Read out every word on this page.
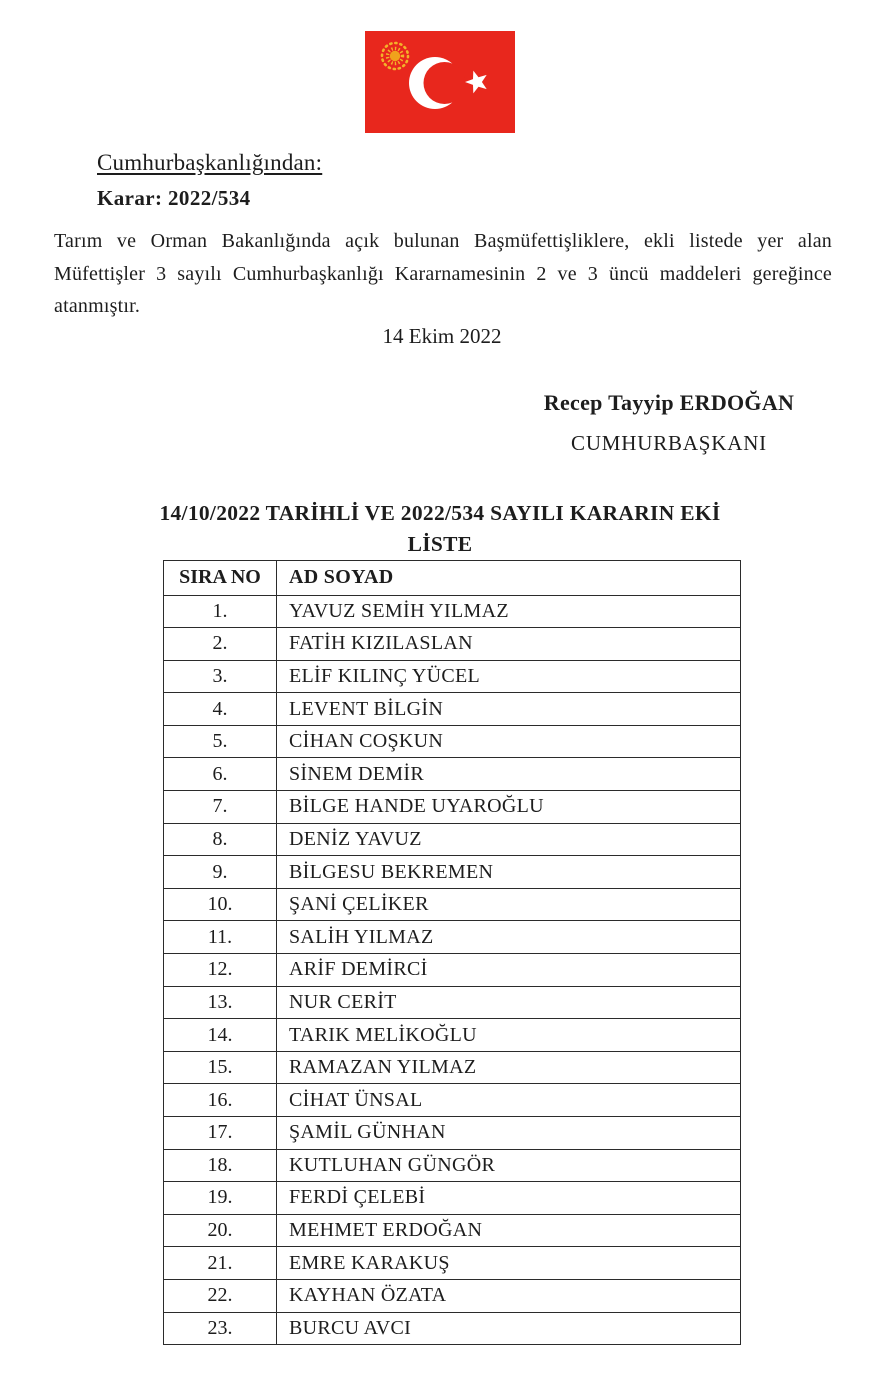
Cumhurbaşkanlığından:
Karar: 2022/534
Tarım ve Orman Bakanlığında açık bulunan Başmüfettişliklere, ekli listede yer alan
Müfettişler 3 sayılı Cumhurbaşkanlığı Kararnamesinin 2 ve 3 üncü maddeleri gereğince
atanmıştır.
14 Ekim 2022
Recep Tayyip ERDOĞAN
CUMHURBAŞKANI
14/10/2022 TARİHLİ VE 2022/534 SAYILI KARARIN EKİ
LİSTE
SIRA NO	AD SOYAD
1.	YAVUZ SEMİH YILMAZ
2.	FATİH KIZILASLAN
3.	ELİF KILINÇ YÜCEL
4.	LEVENT BİLGİN
5.	CİHAN COŞKUN
6.	SİNEM DEMİR
7.	BİLGE HANDE UYAROĞLU
8.	DENİZ YAVUZ
9.	BİLGESU BEKREMEN
10.	ŞANİ ÇELİKER
11.	SALİH YILMAZ
12.	ARİF DEMİRCİ
13.	NUR CERİT
14.	TARIK MELİKOĞLU
15.	RAMAZAN YILMAZ
16.	CİHAT ÜNSAL
17.	ŞAMİL GÜNHAN
18.	KUTLUHAN GÜNGÖR
19.	FERDİ ÇELEBİ
20.	MEHMET ERDOĞAN
21.	EMRE KARAKUŞ
22.	KAYHAN ÖZATA
23.	BURCU AVCI
